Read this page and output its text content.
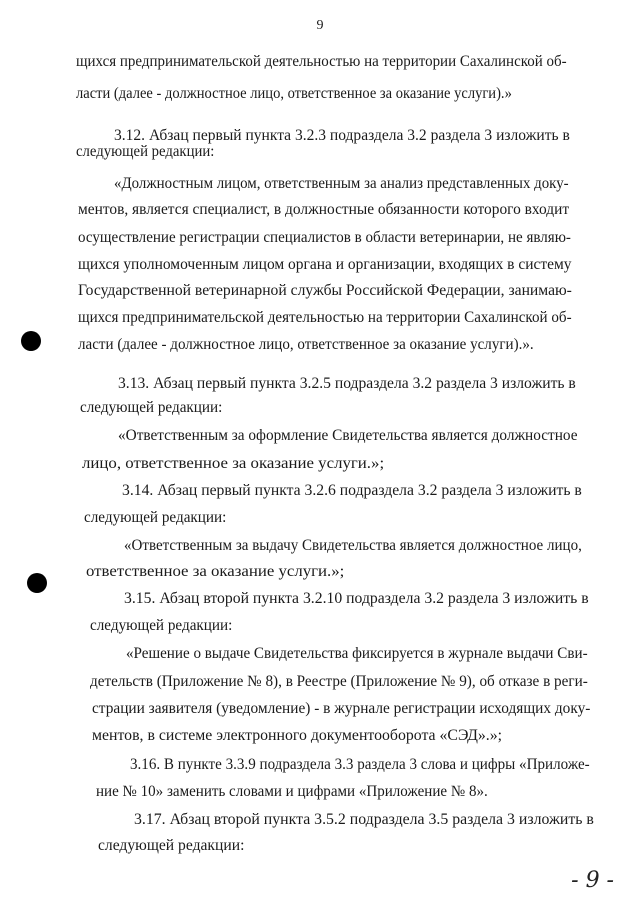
9
щихся предпринимательской деятельностью на территории Сахалинской об-
ласти (далее - должностное лицо, ответственное за оказание услуги).»
3.12. Абзац первый пункта 3.2.3 подраздела 3.2 раздела 3 изложить в
следующей редакции:
«Должностным лицом, ответственным за анализ представленных доку-
ментов, является специалист, в должностные обязанности которого входит
осуществление регистрации специалистов в области ветеринарии, не являю-
щихся уполномоченным лицом органа и организации, входящих в систему
Государственной ветеринарной службы Российской Федерации, занимаю-
щихся предпринимательской деятельностью на территории Сахалинской об-
ласти (далее - должностное лицо, ответственное за оказание услуги).».
3.13. Абзац первый пункта 3.2.5 подраздела 3.2 раздела 3 изложить в
следующей редакции:
«Ответственным за оформление Свидетельства является должностное
лицо, ответственное за оказание услуги.»;
3.14. Абзац первый пункта 3.2.6 подраздела 3.2 раздела 3 изложить в
следующей редакции:
«Ответственным за выдачу Свидетельства является должностное лицо,
ответственное за оказание услуги.»;
3.15. Абзац второй пункта 3.2.10 подраздела 3.2 раздела 3 изложить в
следующей редакции:
«Решение о выдаче Свидетельства фиксируется в журнале выдачи Сви-
детельств (Приложение № 8), в Реестре (Приложение № 9), об отказе в реги-
страции заявителя (уведомление) - в журнале регистрации исходящих доку-
ментов, в системе электронного документооборота «СЭД».»;
3.16. В пункте 3.3.9 подраздела 3.3 раздела 3 слова и цифры «Приложе-
ние № 10» заменить словами и цифрами «Приложение № 8».
3.17. Абзац второй пункта 3.5.2 подраздела 3.5 раздела 3 изложить в
следующей редакции:
- 9 -
